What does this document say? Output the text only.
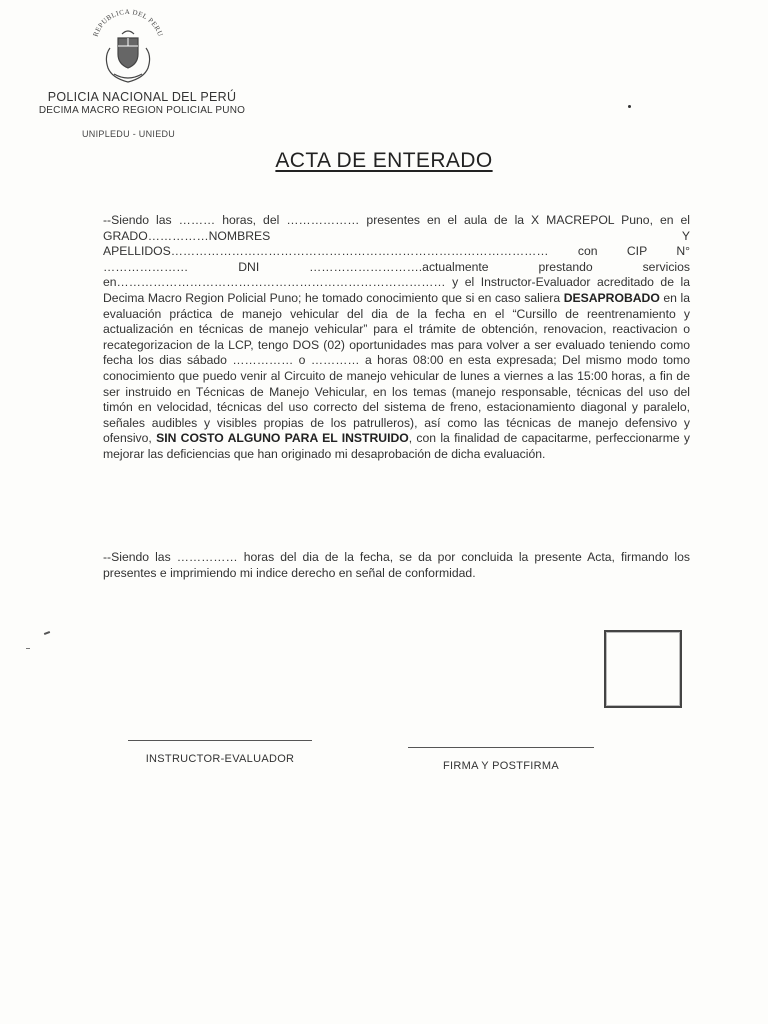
REPUBLICA DEL PERU
POLICIA NACIONAL DEL PERÚ
DECIMA MACRO REGION POLICIAL PUNO
UNIPLEDU - UNIEDU
ACTA DE ENTERADO

--Siendo las ……… horas, del ……………… presentes en el aula de la X MACREPOL Puno, en el GRADO……………NOMBRES Y APELLIDOS………………………………………………………………………………… con CIP N° ………………… DNI ……………………….actualmente prestando servicios en……………………………………………………………………… y el Instructor-Evaluador acreditado de la Decima Macro Region Policial Puno; he tomado conocimiento que si en caso saliera DESAPROBADO en la evaluación práctica de manejo vehicular del dia de la fecha en el “Cursillo de reentrenamiento y actualización en técnicas de manejo vehicular” para el trámite de obtención, renovacion, reactivacion o recategorizacion de la LCP, tengo DOS (02) oportunidades mas para volver a ser evaluado teniendo como fecha los dias sábado …………… o ………… a horas 08:00 en esta expresada; Del mismo modo tomo conocimiento que puedo venir al Circuito de manejo vehicular de lunes a viernes a las 15:00 horas, a fin de ser instruido en Técnicas de Manejo Vehicular, en los temas (manejo responsable, técnicas del uso del timón en velocidad, técnicas del uso correcto del sistema de freno, estacionamiento diagonal y paralelo, señales audibles y visibles propias de los patrulleros), así como las técnicas de manejo defensivo y ofensivo, SIN COSTO ALGUNO PARA EL INSTRUIDO, con la finalidad de capacitarme, perfeccionarme y mejorar las deficiencias que han originado mi desaprobación de dicha evaluación.

--Siendo las …………… horas del dia de la fecha, se da por concluida la presente Acta, firmando los presentes e imprimiendo mi indice derecho en señal de conformidad.

INSTRUCTOR-EVALUADOR
FIRMA Y POSTFIRMA
